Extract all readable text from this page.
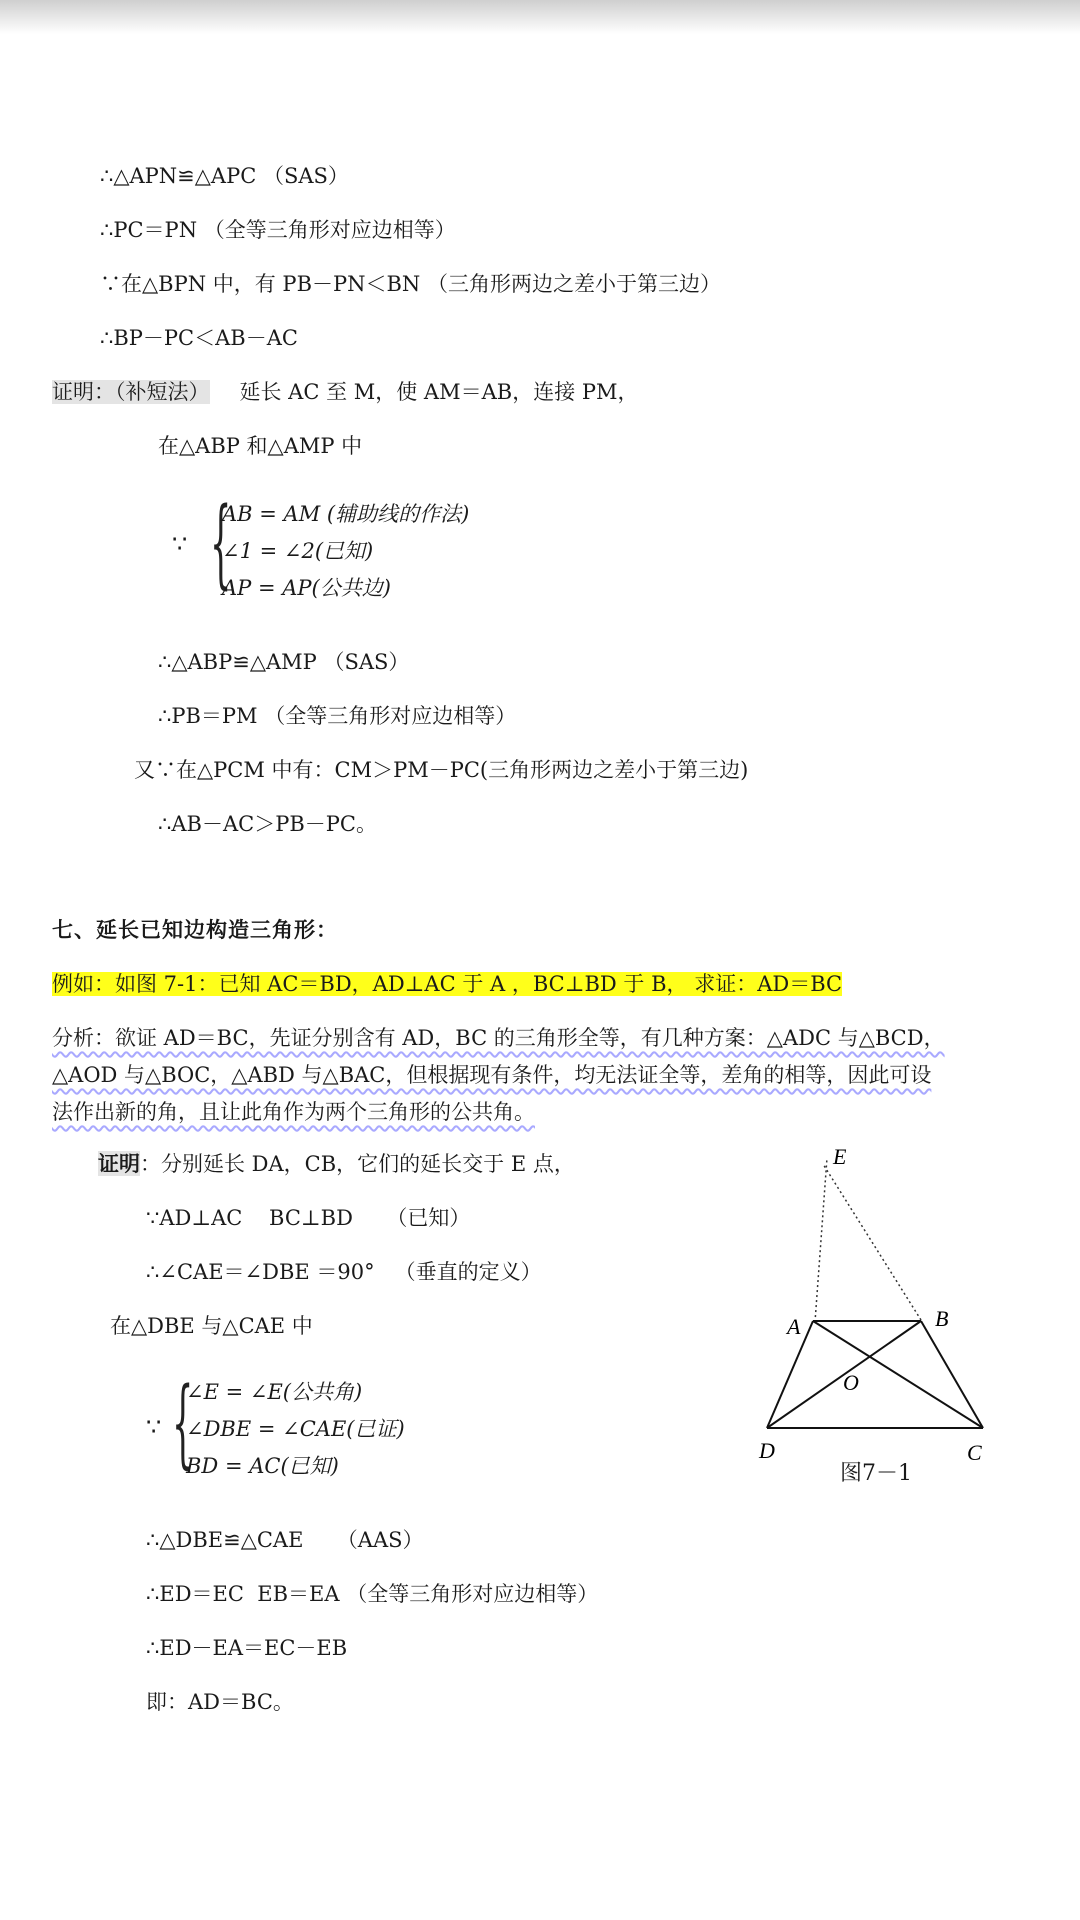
∴△APN≌△APC （SAS）
∴PC＝PN （全等三角形对应边相等）
∵在△BPN 中，有 PB－PN＜BN （三角形两边之差小于第三边）
∴BP－PC＜AB－AC
证明：（补短法） 延长 AC 至 M，使 AM＝AB，连接 PM，
在△ABP 和△AMP 中
∵ {
AB = AM (辅助线的作法)
∠1 = ∠2(已知)
AP = AP(公共边)
∴△ABP≌△AMP （SAS）
∴PB＝PM （全等三角形对应边相等）
又∵在△PCM 中有：CM＞PM－PC(三角形两边之差小于第三边)
∴AB－AC＞PB－PC。
七、延长已知边构造三角形：
例如：如图 7-1：已知 AC＝BD，AD⊥AC 于 A ，BC⊥BD 于 B， 求证：AD＝BC
分析：欲证 AD＝BC，先证分别含有 AD，BC 的三角形全等，有几种方案：△ADC 与△BCD，
△AOD 与△BOC，△ABD 与△BAC，但根据现有条件，均无法证全等，差角的相等，因此可设
法作出新的角，且让此角作为两个三角形的公共角。
证明：分别延长 DA，CB，它们的延长交于 E 点，
∵AD⊥AC    BC⊥BD     （已知）
∴∠CAE＝∠DBE ＝90°   （垂直的定义）
在△DBE 与△CAE 中
∵ {
∠E = ∠E(公共角)
∠DBE = ∠CAE(已证)
BD = AC(已知)
∴△DBE≌△CAE     （AAS）
∴ED＝EC  EB＝EA （全等三角形对应边相等）
∴ED－EA＝EC－EB
即：AD＝BC。
E
A	B
O
D	C
图7－1
